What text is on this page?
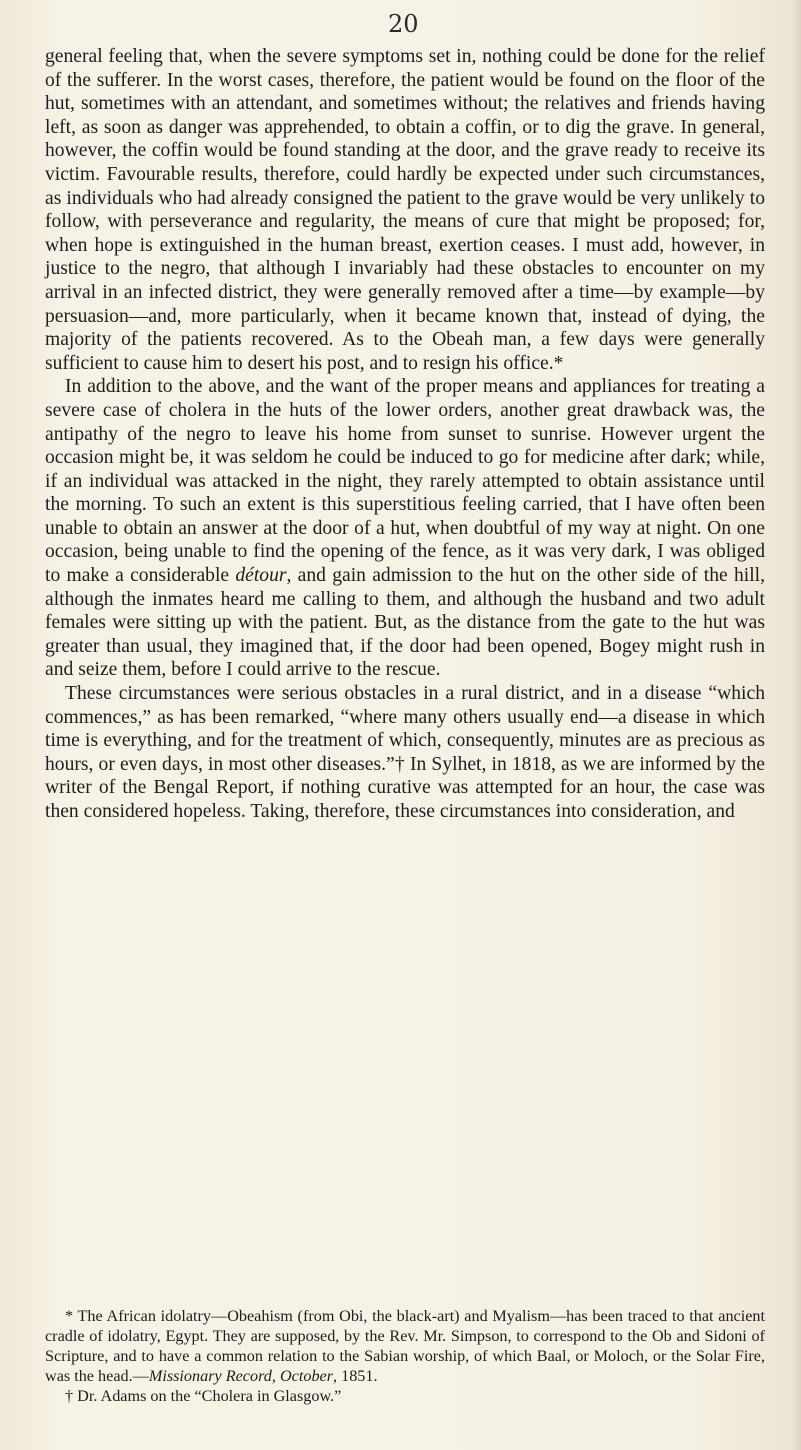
20

general feeling that, when the severe symptoms set in, nothing could be done for the relief of the sufferer. In the worst cases, therefore, the patient would be found on the floor of the hut, sometimes with an attendant, and sometimes without; the relatives and friends having left, as soon as danger was apprehended, to obtain a coffin, or to dig the grave. In general, however, the coffin would be found standing at the door, and the grave ready to receive its victim. Favourable results, therefore, could hardly be expected under such circumstances, as individuals who had already consigned the patient to the grave would be very unlikely to follow, with perseverance and regularity, the means of cure that might be proposed; for, when hope is extinguished in the human breast, exertion ceases. I must add, however, in justice to the negro, that although I invariably had these obstacles to encounter on my arrival in an infected district, they were generally removed after a time—by example—by persuasion—and, more particularly, when it became known that, instead of dying, the majority of the patients recovered. As to the Obeah man, a few days were generally sufficient to cause him to desert his post, and to resign his office.*

In addition to the above, and the want of the proper means and appliances for treating a severe case of cholera in the huts of the lower orders, another great drawback was, the antipathy of the negro to leave his home from sunset to sunrise. However urgent the occasion might be, it was seldom he could be induced to go for medicine after dark; while, if an individual was attacked in the night, they rarely attempted to obtain assistance until the morning. To such an extent is this superstitious feeling carried, that I have often been unable to obtain an answer at the door of a hut, when doubtful of my way at night. On one occasion, being unable to find the opening of the fence, as it was very dark, I was obliged to make a considerable détour, and gain admission to the hut on the other side of the hill, although the inmates heard me calling to them, and although the husband and two adult females were sitting up with the patient. But, as the distance from the gate to the hut was greater than usual, they imagined that, if the door had been opened, Bogey might rush in and seize them, before I could arrive to the rescue.

These circumstances were serious obstacles in a rural district, and in a disease “which commences,” as has been remarked, “where many others usually end—a disease in which time is everything, and for the treatment of which, consequently, minutes are as precious as hours, or even days, in most other diseases.”† In Sylhet, in 1818, as we are informed by the writer of the Bengal Report, if nothing curative was attempted for an hour, the case was then considered hopeless. Taking, therefore, these circumstances into consideration, and

* The African idolatry—Obeahism (from Obi, the black-art) and Myalism—has been traced to that ancient cradle of idolatry, Egypt. They are supposed, by the Rev. Mr. Simpson, to correspond to the Ob and Sidoni of Scripture, and to have a common relation to the Sabian worship, of which Baal, or Moloch, or the Solar Fire, was the head.—Missionary Record, October, 1851.

† Dr. Adams on the “Cholera in Glasgow.”
